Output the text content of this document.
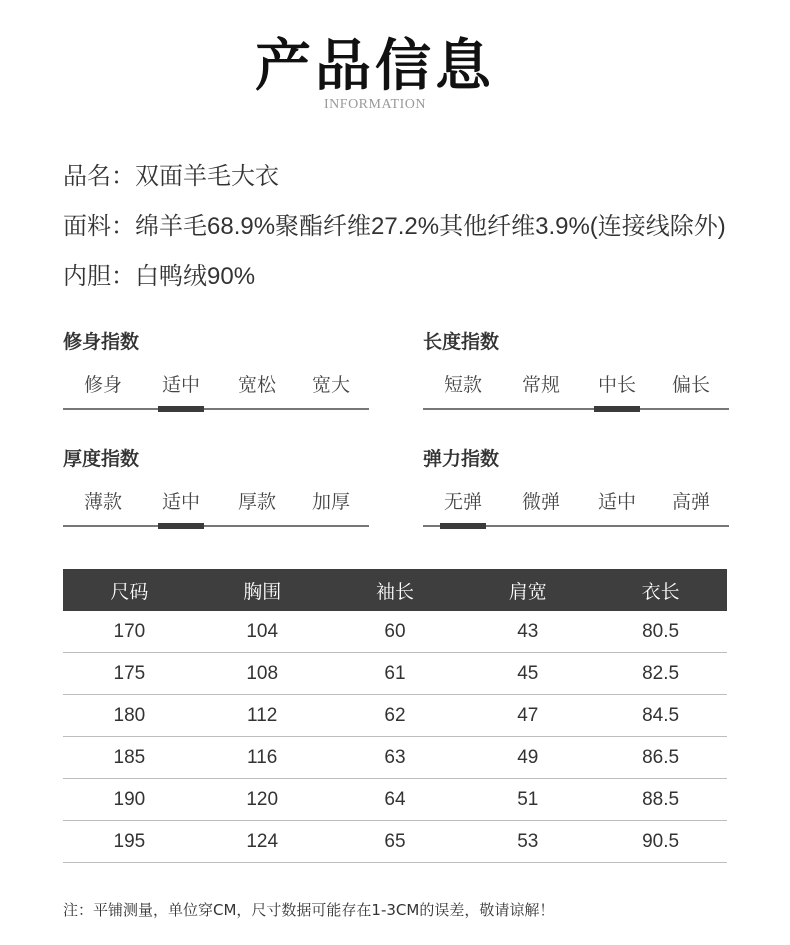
产品信息
INFORMATION
品名：双面羊毛大衣
面料：绵羊毛68.9%聚酯纤维27.2%其他纤维3.9%(连接线除外)
内胆：白鸭绒90%
修身指数
修身	适中	宽松	宽大
长度指数
短款	常规	中长	偏长
厚度指数
薄款	适中	厚款	加厚
弹力指数
无弹	微弹	适中	高弹
尺码	胸围	袖长	肩宽	衣长
170	104	60	43	80.5
175	108	61	45	82.5
180	112	62	47	84.5
185	116	63	49	86.5
190	120	64	51	88.5
195	124	65	53	90.5
注：平铺测量，单位穿CM，尺寸数据可能存在1-3CM的误差，敬请谅解！
